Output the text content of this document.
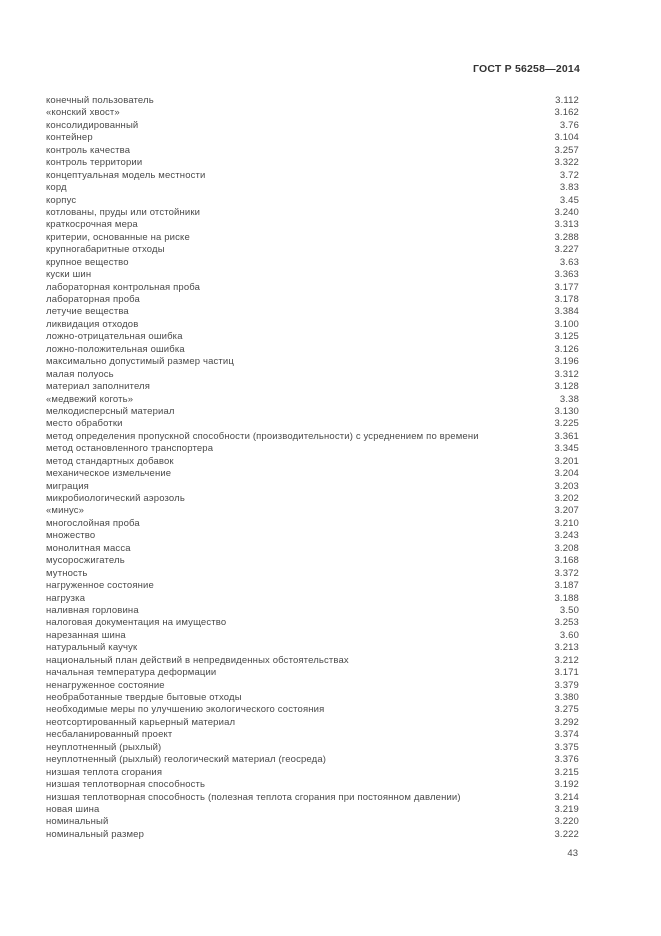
ГОСТ Р 56258—2014
конечный пользователь	3.112
«конский хвост»	3.162
консолидированный	3.76
контейнер	3.104
контроль качества	3.257
контроль территории	3.322
концептуальная модель местности	3.72
корд	3.83
корпус	3.45
котлованы, пруды или отстойники	3.240
краткосрочная мера	3.313
критерии, основанные на риске	3.288
крупногабаритные отходы	3.227
крупное вещество	3.63
куски шин	3.363
лабораторная контрольная проба	3.177
лабораторная проба	3.178
летучие вещества	3.384
ликвидация отходов	3.100
ложно-отрицательная ошибка	3.125
ложно-положительная ошибка	3.126
максимально допустимый размер частиц	3.196
малая полуось	3.312
материал заполнителя	3.128
«медвежий коготь»	3.38
мелкодисперсный материал	3.130
место обработки	3.225
метод определения пропускной способности (производительности) с усреднением по времени	3.361
метод остановленного транспортера	3.345
метод стандартных добавок	3.201
механическое измельчение	3.204
миграция	3.203
микробиологический аэрозоль	3.202
«минус»	3.207
многослойная проба	3.210
множество	3.243
монолитная масса	3.208
мусоросжигатель	3.168
мутность	3.372
нагруженное состояние	3.187
нагрузка	3.188
наливная горловина	3.50
налоговая документация на имущество	3.253
нарезанная шина	3.60
натуральный каучук	3.213
национальный план действий в непредвиденных обстоятельствах	3.212
начальная температура деформации	3.171
ненагруженное состояние	3.379
необработанные твердые бытовые отходы	3.380
необходимые меры по улучшению экологического состояния	3.275
неотсортированный карьерный материал	3.292
несбаланированный проект	3.374
неуплотненный (рыхлый)	3.375
неуплотненный (рыхлый) геологический материал (геосреда)	3.376
низшая теплота сгорания	3.215
низшая теплотворная способность	3.192
низшая теплотворная способность (полезная теплота сгорания при постоянном давлении)	3.214
новая шина	3.219
номинальный	3.220
номинальный размер	3.222
43
